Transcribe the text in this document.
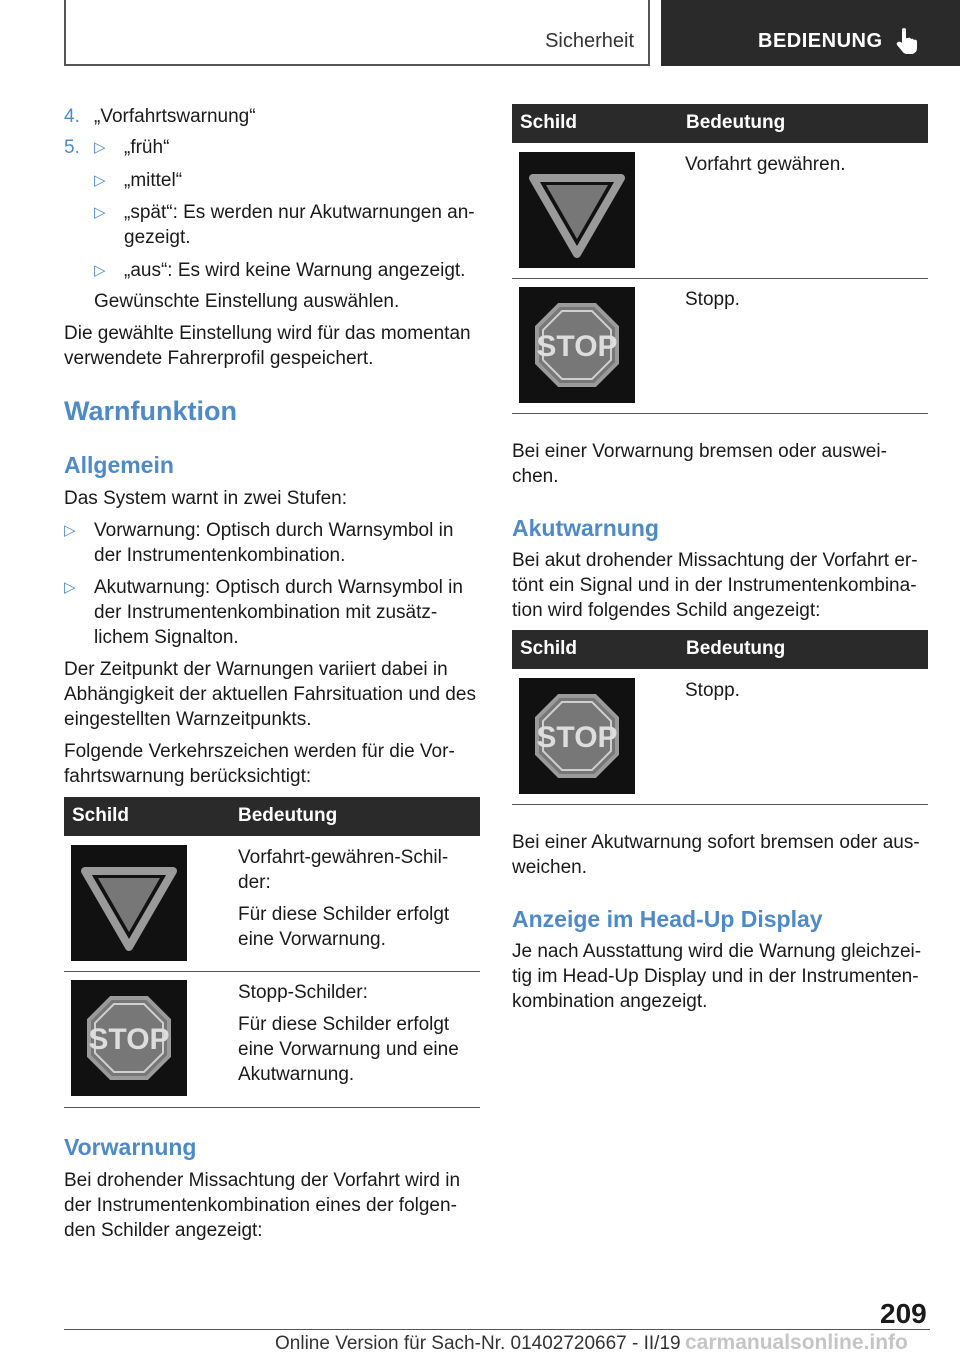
Sicherheit	BEDIENUNG
4. „Vorfahrtswarnung“
5. ▷ „früh“
▷ „mittel“
▷ „spät“: Es werden nur Akutwarnungen an-
gezeigt.
▷ „aus“: Es wird keine Warnung angezeigt.
Gewünschte Einstellung auswählen.
Die gewählte Einstellung wird für das momentan
verwendete Fahrerprofil gespeichert.
Warnfunktion
Allgemein
Das System warnt in zwei Stufen:
▷ Vorwarnung: Optisch durch Warnsymbol in
der Instrumentenkombination.
▷ Akutwarnung: Optisch durch Warnsymbol in
der Instrumentenkombination mit zusätz-
lichem Signalton.
Der Zeitpunkt der Warnungen variiert dabei in
Abhängigkeit der aktuellen Fahrsituation und des
eingestellten Warnzeitpunkts.
Folgende Verkehrszeichen werden für die Vor-
fahrtswarnung berücksichtigt:
Schild	Bedeutung
Vorfahrt-gewähren-Schil-
der:
Für diese Schilder erfolgt
eine Vorwarnung.
STOP
Stopp-Schilder:
Für diese Schilder erfolgt
eine Vorwarnung und eine
Akutwarnung.
Vorwarnung
Bei drohender Missachtung der Vorfahrt wird in
der Instrumentenkombination eines der folgen-
den Schilder angezeigt:
Schild	Bedeutung
Vorfahrt gewähren.
STOP
Stopp.
Bei einer Vorwarnung bremsen oder auswei-
chen.
Akutwarnung
Bei akut drohender Missachtung der Vorfahrt er-
tönt ein Signal und in der Instrumentenkombina-
tion wird folgendes Schild angezeigt:
Schild	Bedeutung
STOP
Stopp.
Bei einer Akutwarnung sofort bremsen oder aus-
weichen.
Anzeige im Head-Up Display
Je nach Ausstattung wird die Warnung gleichzei-
tig im Head-Up Display und in der Instrumenten-
kombination angezeigt.
209
Online Version für Sach-Nr. 01402720667 - II/19 carmanualsonline.info
